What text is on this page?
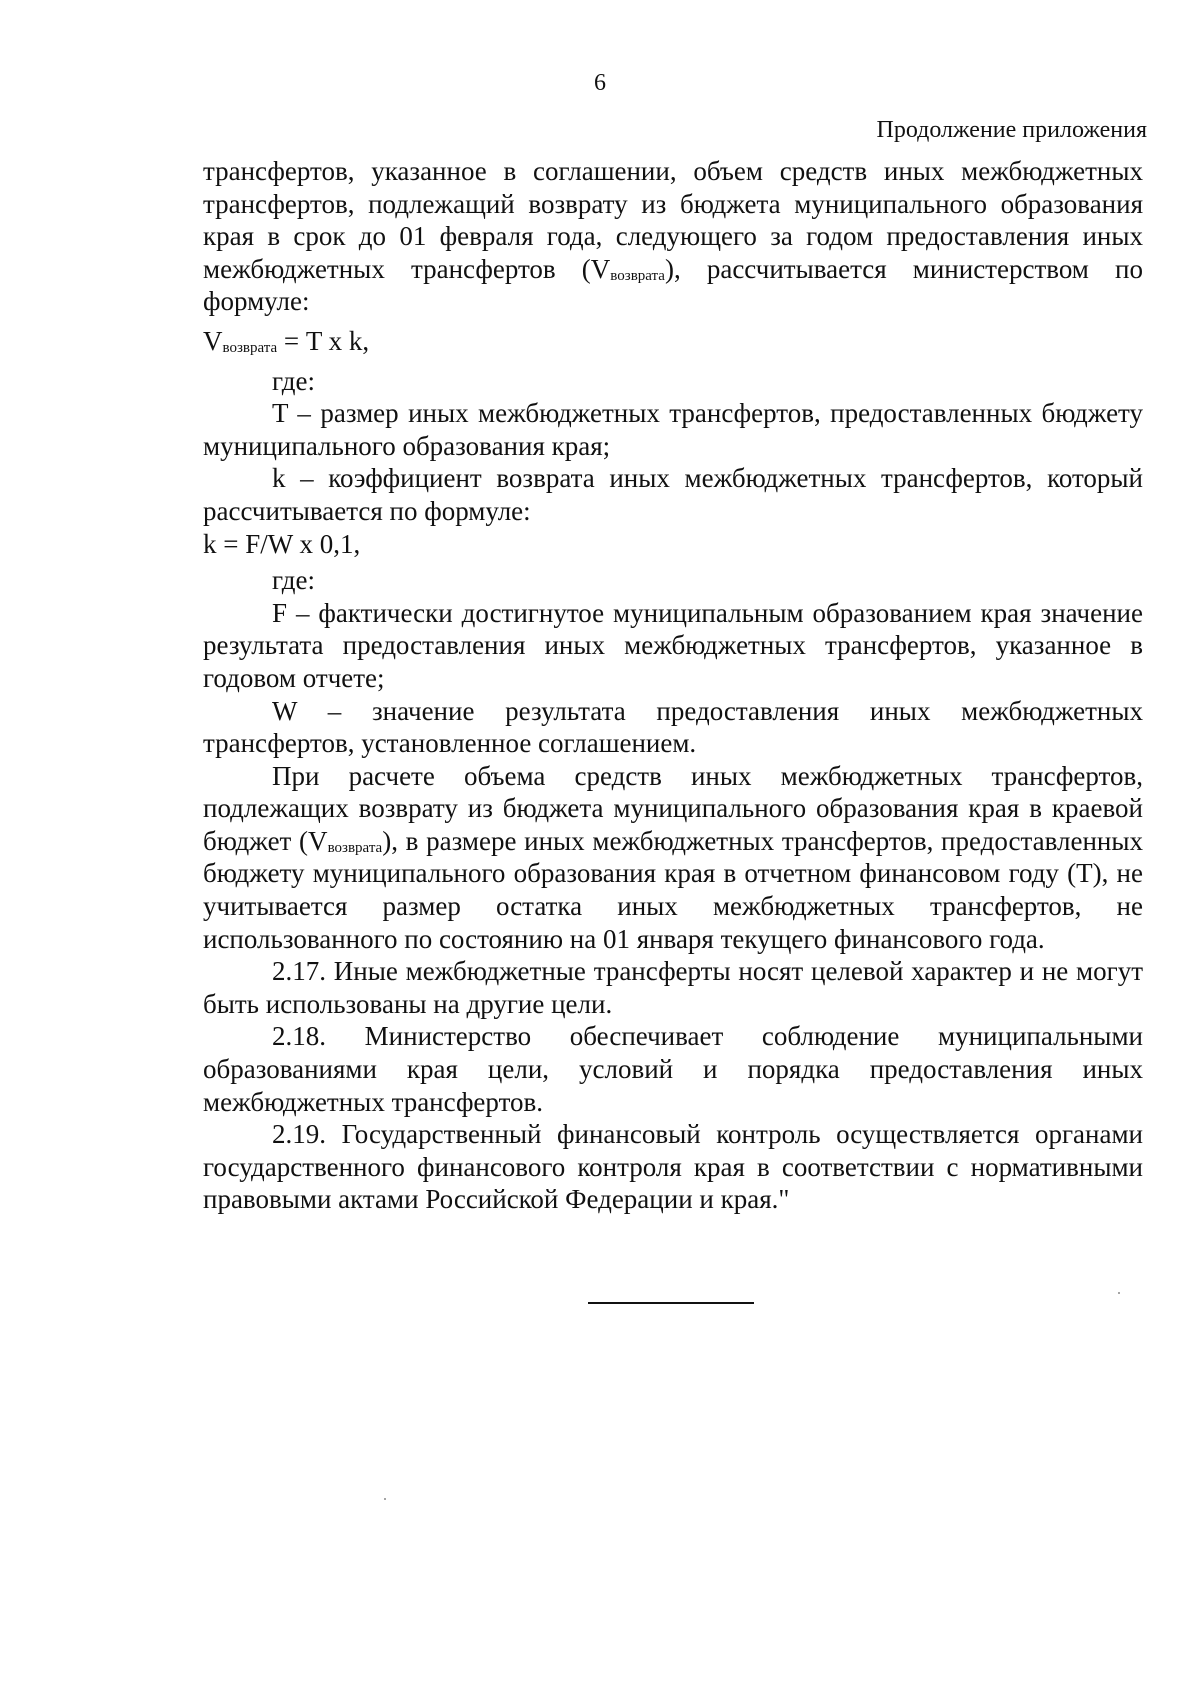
6
Продолжение приложения

трансфертов, указанное в соглашении, объем средств иных межбюджетных трансфертов, подлежащий возврату из бюджета муниципального образования края в срок до 01 февраля года, следующего за годом предоставления иных межбюджетных трансфертов $(V_{возврата})$, рассчитывается министерством по формуле:

$V_{возврата} = T$ x k,

где:

T – размер иных межбюджетных трансфертов, предоставленных бюджету муниципального образования края;

k – коэффициент возврата иных межбюджетных трансфертов, который рассчитывается по формуле:

k = F/W x 0,1,

где:

F – фактически достигнутое муниципальным образованием края значение результата предоставления иных межбюджетных трансфертов, указанное в годовом отчете;

W – значение результата предоставления иных межбюджетных трансфертов, установленное соглашением.

При расчете объема средств иных межбюджетных трансфертов, подлежащих возврату из бюджета муниципального образования края в краевой бюджет $(V_{возврата})$, в размере иных межбюджетных трансфертов, предоставленных бюджету муниципального образования края в отчетном финансовом году (T), не учитывается размер остатка иных межбюджетных трансфертов, не использованного по состоянию на 01 января текущего финансового года.

2.17. Иные межбюджетные трансферты носят целевой характер и не могут быть использованы на другие цели.

2.18. Министерство обеспечивает соблюдение муниципальными образованиями края цели, условий и порядка предоставления иных межбюджетных трансфертов.

2.19. Государственный финансовый контроль осуществляется органами государственного финансового контроля края в соответствии с нормативными правовыми актами Российской Федерации и края."
